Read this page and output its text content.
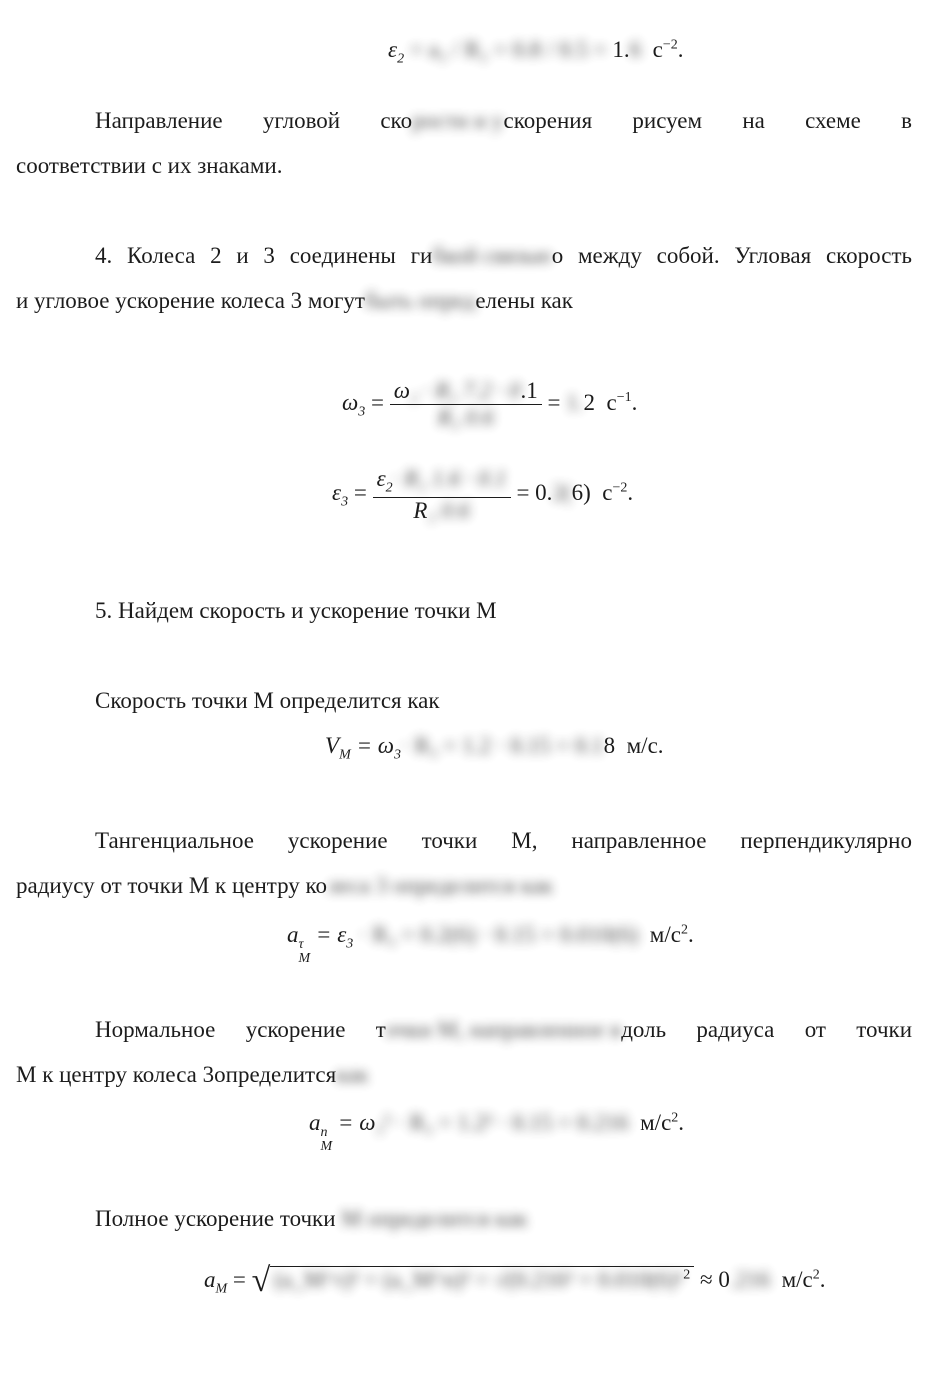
$\varepsilon_2 = a_2 / R_2 = 0.8 / 0.5 = 1.6$ $с^{-2}$.
Направление угловой скорости и ускорения рисуем на схеме в
соответствии с их знаками.
4. Колеса 2 и 3 соединены гибкой связьюо между собой. Угловая скорость
и угловое ускорение колеса 3 могутбыть определены как
$\omega_3 = \frac{\text{ω₂ · R₂ 7.2 · 0.1}}{\text{R₃ 0.6}} = 1.2$ $с^{-1}$.
$\varepsilon_3 = \frac{\varepsilon_2\cdot R_2 1.6 \cdot 0.1}{\text{R₃ 0.6}} = 0.2(6)$ $с^{-2}$.
5. Найдем скорость и ускорение точки М
Скорость точки М определится как
$V_M = \omega_3\cdot R_3 = 1.2 \cdot 0.15 = 0.18$ м/с.
Тангенциальное ускорение точки М, направленное перпендикулярно
радиусу от точки М к центру колеса 3 определится как
a τ
M
= $\varepsilon_3 \cdot R_3 = 0.2(6) \cdot 0.15 = 0.010(6)$ $м/с^2$.
Нормальное ускорение точки М, направленное вдоль радиуса от точки
М к центру колеса 3определитсякак
a n
M
= ω₃² · R₃ = 1.2² · 0.15 = 0.216 $м/с^2$.
Полное ускорение точки М определится как
$a_M$ = √ (a_M^τ)² + (a_M^n)² = √(0.216² + 0.010(6)²$^2$ ≈ 0.216 $м/с^2$.
